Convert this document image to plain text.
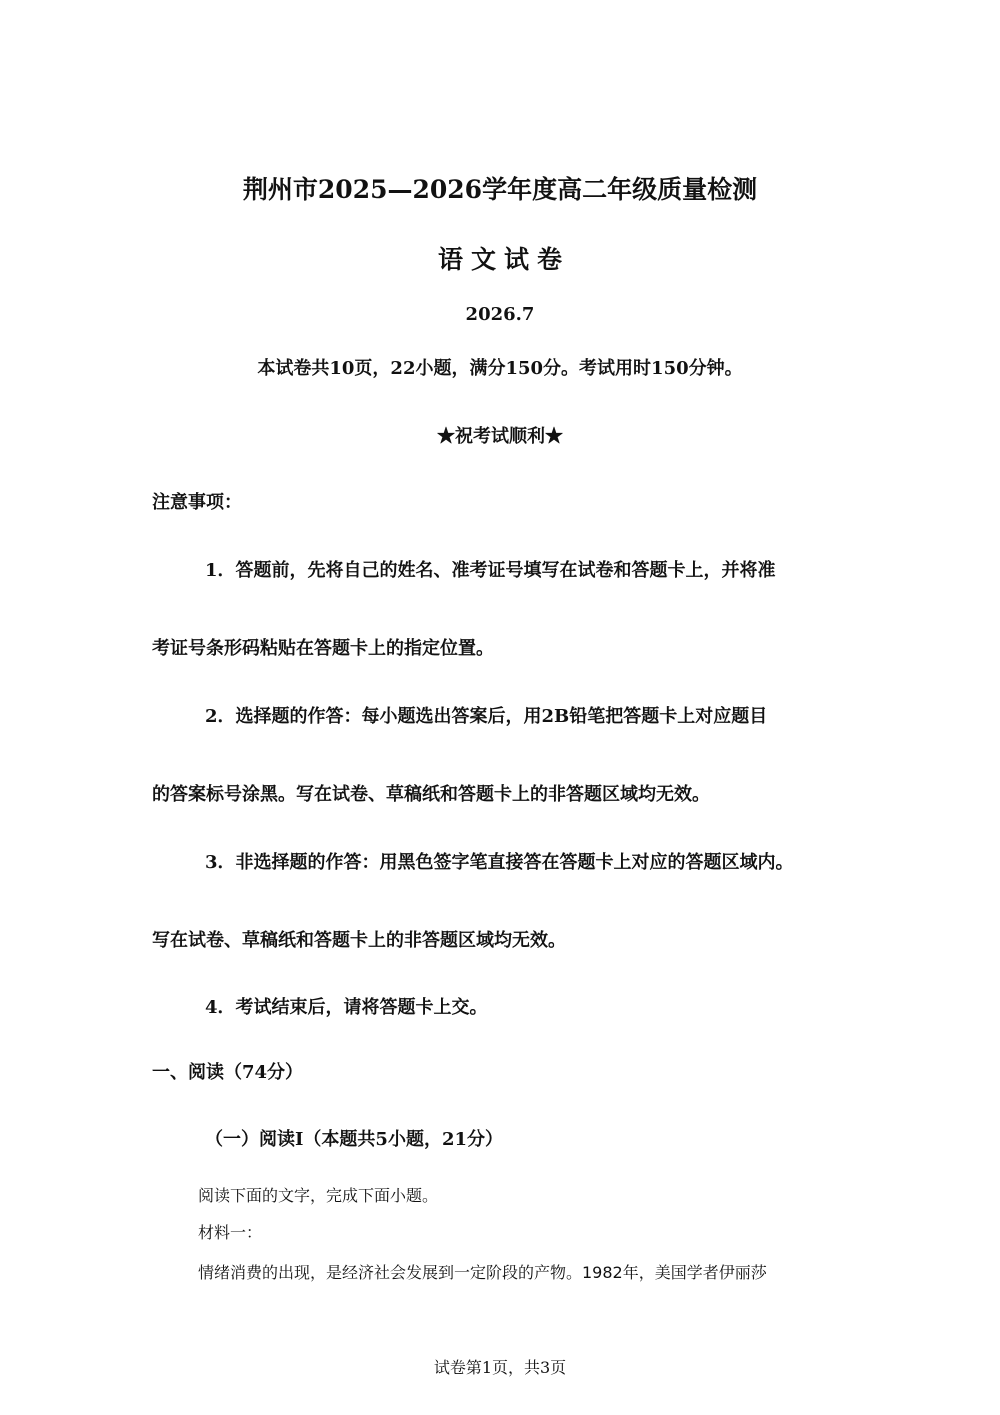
荆州市2025—2026学年度高二年级质量检测
语文试卷
2026.7
本试卷共10页，22小题，满分150分。考试用时150分钟。
★祝考试顺利★
注意事项：
1．答题前，先将自己的姓名、准考证号填写在试卷和答题卡上，并将准
考证号条形码粘贴在答题卡上的指定位置。
2．选择题的作答：每小题选出答案后，用2B铅笔把答题卡上对应题目
的答案标号涂黑。写在试卷、草稿纸和答题卡上的非答题区域均无效。
3．非选择题的作答：用黑色签字笔直接答在答题卡上对应的答题区域内。
写在试卷、草稿纸和答题卡上的非答题区域均无效。
4．考试结束后，请将答题卡上交。
一、阅读（74分）
（一）阅读Ⅰ（本题共5小题，21分）
阅读下面的文字，完成下面小题。
材料一：
情绪消费的出现，是经济社会发展到一定阶段的产物。1982年，美国学者伊丽莎
试卷第1页，共3页
